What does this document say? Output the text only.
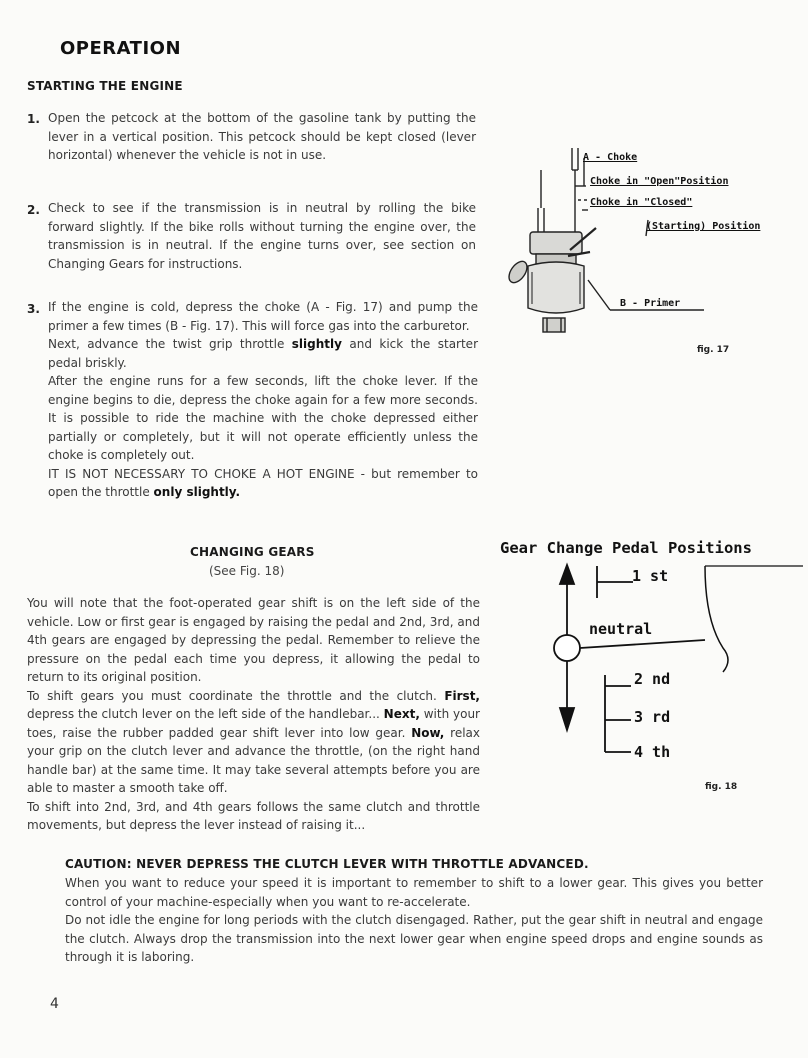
OPERATION
STARTING THE ENGINE
1. Open the petcock at the bottom of the gasoline tank by putting the lever in a vertical position. This petcock should be kept closed (lever horizontal) whenever the vehicle is not in use.
2. Check to see if the transmission is in neutral by rolling the bike forward slightly. If the bike rolls without turning the engine over, the transmission is in neutral. If the engine turns over, see section on Changing Gears for instructions.
3. If the engine is cold, depress the choke (A - Fig. 17) and pump the primer a few times (B - Fig. 17). This will force gas into the carburetor.
Next, advance the twist grip throttle slightly and kick the starter pedal briskly.
After the engine runs for a few seconds, lift the choke lever. If the engine begins to die, depress the choke again for a few more seconds. It is possible to ride the machine with the choke depressed either partially or completely, but it will not operate efficiently unless the choke is completely out.
IT IS NOT NECESSARY TO CHOKE A HOT ENGINE - but remember to open the throttle only slightly.
A - Choke
Choke in "Open"Position
Choke in "Closed"
(Starting) Position
B - Primer
fig. 17
CHANGING GEARS
(See Fig. 18)
You will note that the foot-operated gear shift is on the left side of the vehicle. Low or first gear is engaged by raising the pedal and 2nd, 3rd, and 4th gears are engaged by depressing the pedal. Remember to relieve the pressure on the pedal each time you depress, it allowing the pedal to return to its original position.
To shift gears you must coordinate the throttle and the clutch. First, depress the clutch lever on the left side of the handlebar... Next, with your toes, raise the rubber padded gear shift lever into low gear. Now, relax your grip on the clutch lever and advance the throttle, (on the right hand handle bar) at the same time. It may take several attempts before you are able to master a smooth take off.
To shift into 2nd, 3rd, and 4th gears follows the same clutch and throttle movements, but depress the lever instead of raising it...
Gear Change Pedal Positions
1 st
neutral
2 nd
3 rd
4 th
fig. 18
CAUTION: NEVER DEPRESS THE CLUTCH LEVER WITH THROTTLE ADVANCED.
When you want to reduce your speed it is important to remember to shift to a lower gear. This gives you better control of your machine-especially when you want to re-accelerate.
Do not idle the engine for long periods with the clutch disengaged. Rather, put the gear shift in neutral and engage the clutch. Always drop the transmission into the next lower gear when engine speed drops and engine sounds as through it is laboring.
4
